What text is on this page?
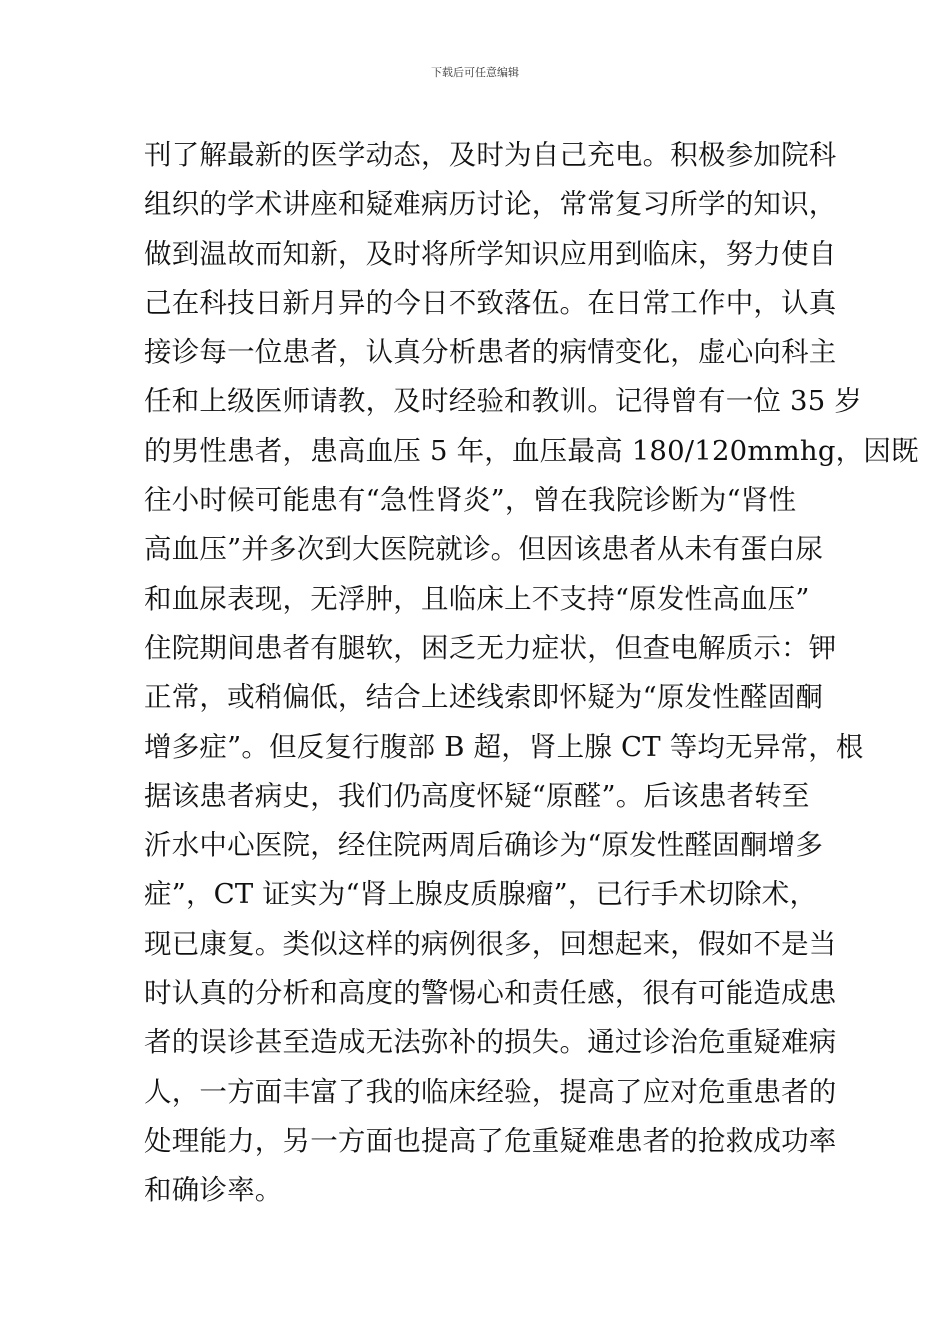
下载后可任意编辑
刊了解最新的医学动态，及时为自己充电。积极参加院科
组织的学术讲座和疑难病历讨论，常常复习所学的知识，
做到温故而知新，及时将所学知识应用到临床，努力使自
己在科技日新月异的今日不致落伍。在日常工作中，认真
接诊每一位患者，认真分析患者的病情变化，虚心向科主
任和上级医师请教，及时经验和教训。记得曾有一位 35 岁
的男性患者，患高血压 5 年，血压最高 180/120mmhg，因既
往小时候可能患有“急性肾炎”，曾在我院诊断为“肾性
高血压”并多次到大医院就诊。但因该患者从未有蛋白尿
和血尿表现，无浮肿，且临床上不支持“原发性高血压”
住院期间患者有腿软，困乏无力症状，但查电解质示：钾
正常，或稍偏低，结合上述线索即怀疑为“原发性醛固酮
增多症”。但反复行腹部 B 超，肾上腺 CT 等均无异常，根
据该患者病史，我们仍高度怀疑“原醛”。后该患者转至
沂水中心医院，经住院两周后确诊为“原发性醛固酮增多
症”，CT 证实为“肾上腺皮质腺瘤”，已行手术切除术，
现已康复。类似这样的病例很多，回想起来，假如不是当
时认真的分析和高度的警惕心和责任感，很有可能造成患
者的误诊甚至造成无法弥补的损失。通过诊治危重疑难病
人，一方面丰富了我的临床经验，提高了应对危重患者的
处理能力，另一方面也提高了危重疑难患者的抢救成功率
和确诊率。
